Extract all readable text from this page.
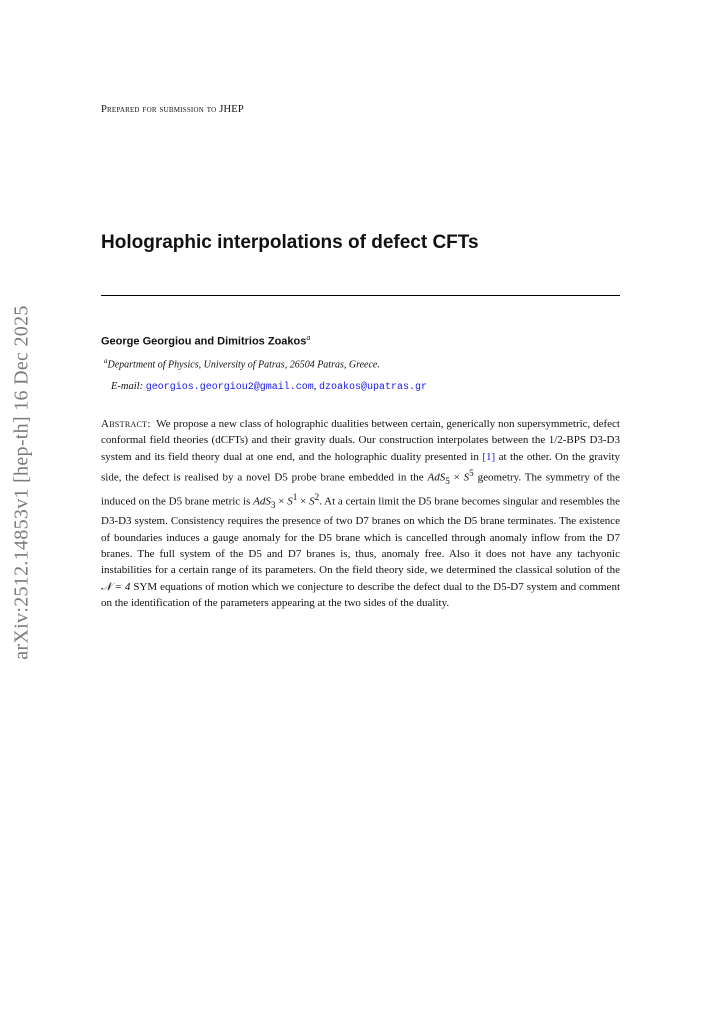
arXiv:2512.14853v1 [hep-th] 16 Dec 2025
Prepared for submission to JHEP
Holographic interpolations of defect CFTs
George Georgiou and Dimitrios Zoakos$^a$
$^a$Department of Physics, University of Patras, 26504 Patras, Greece.
E-mail: georgios.georgiou2@gmail.com, dzoakos@upatras.gr

Abstract: We propose a new class of holographic dualities between certain, generically non supersymmetric, defect conformal field theories (dCFTs) and their gravity duals. Our construction interpolates between the 1/2-BPS D3-D3 system and its field theory dual at one end, and the holographic duality presented in [1] at the other. On the gravity side, the defect is realised by a novel D5 probe brane embedded in the $AdS_5 \times S^5$ geometry. The symmetry of the induced on the D5 brane metric is $AdS_3 \times S^1 \times S^2$. At a certain limit the D5 brane becomes singular and resembles the D3-D3 system. Consistency requires the presence of two D7 branes on which the D5 brane terminates. The existence of boundaries induces a gauge anomaly for the D5 brane which is cancelled through anomaly inflow from the D7 branes. The full system of the D5 and D7 branes is, thus, anomaly free. Also it does not have any tachyonic instabilities for a certain range of its parameters. On the field theory side, we determined the classical solution of the 𝒩 = 4 SYM equations of motion which we conjecture to describe the defect dual to the D5-D7 system and comment on the identification of the parameters appearing at the two sides of the duality.
